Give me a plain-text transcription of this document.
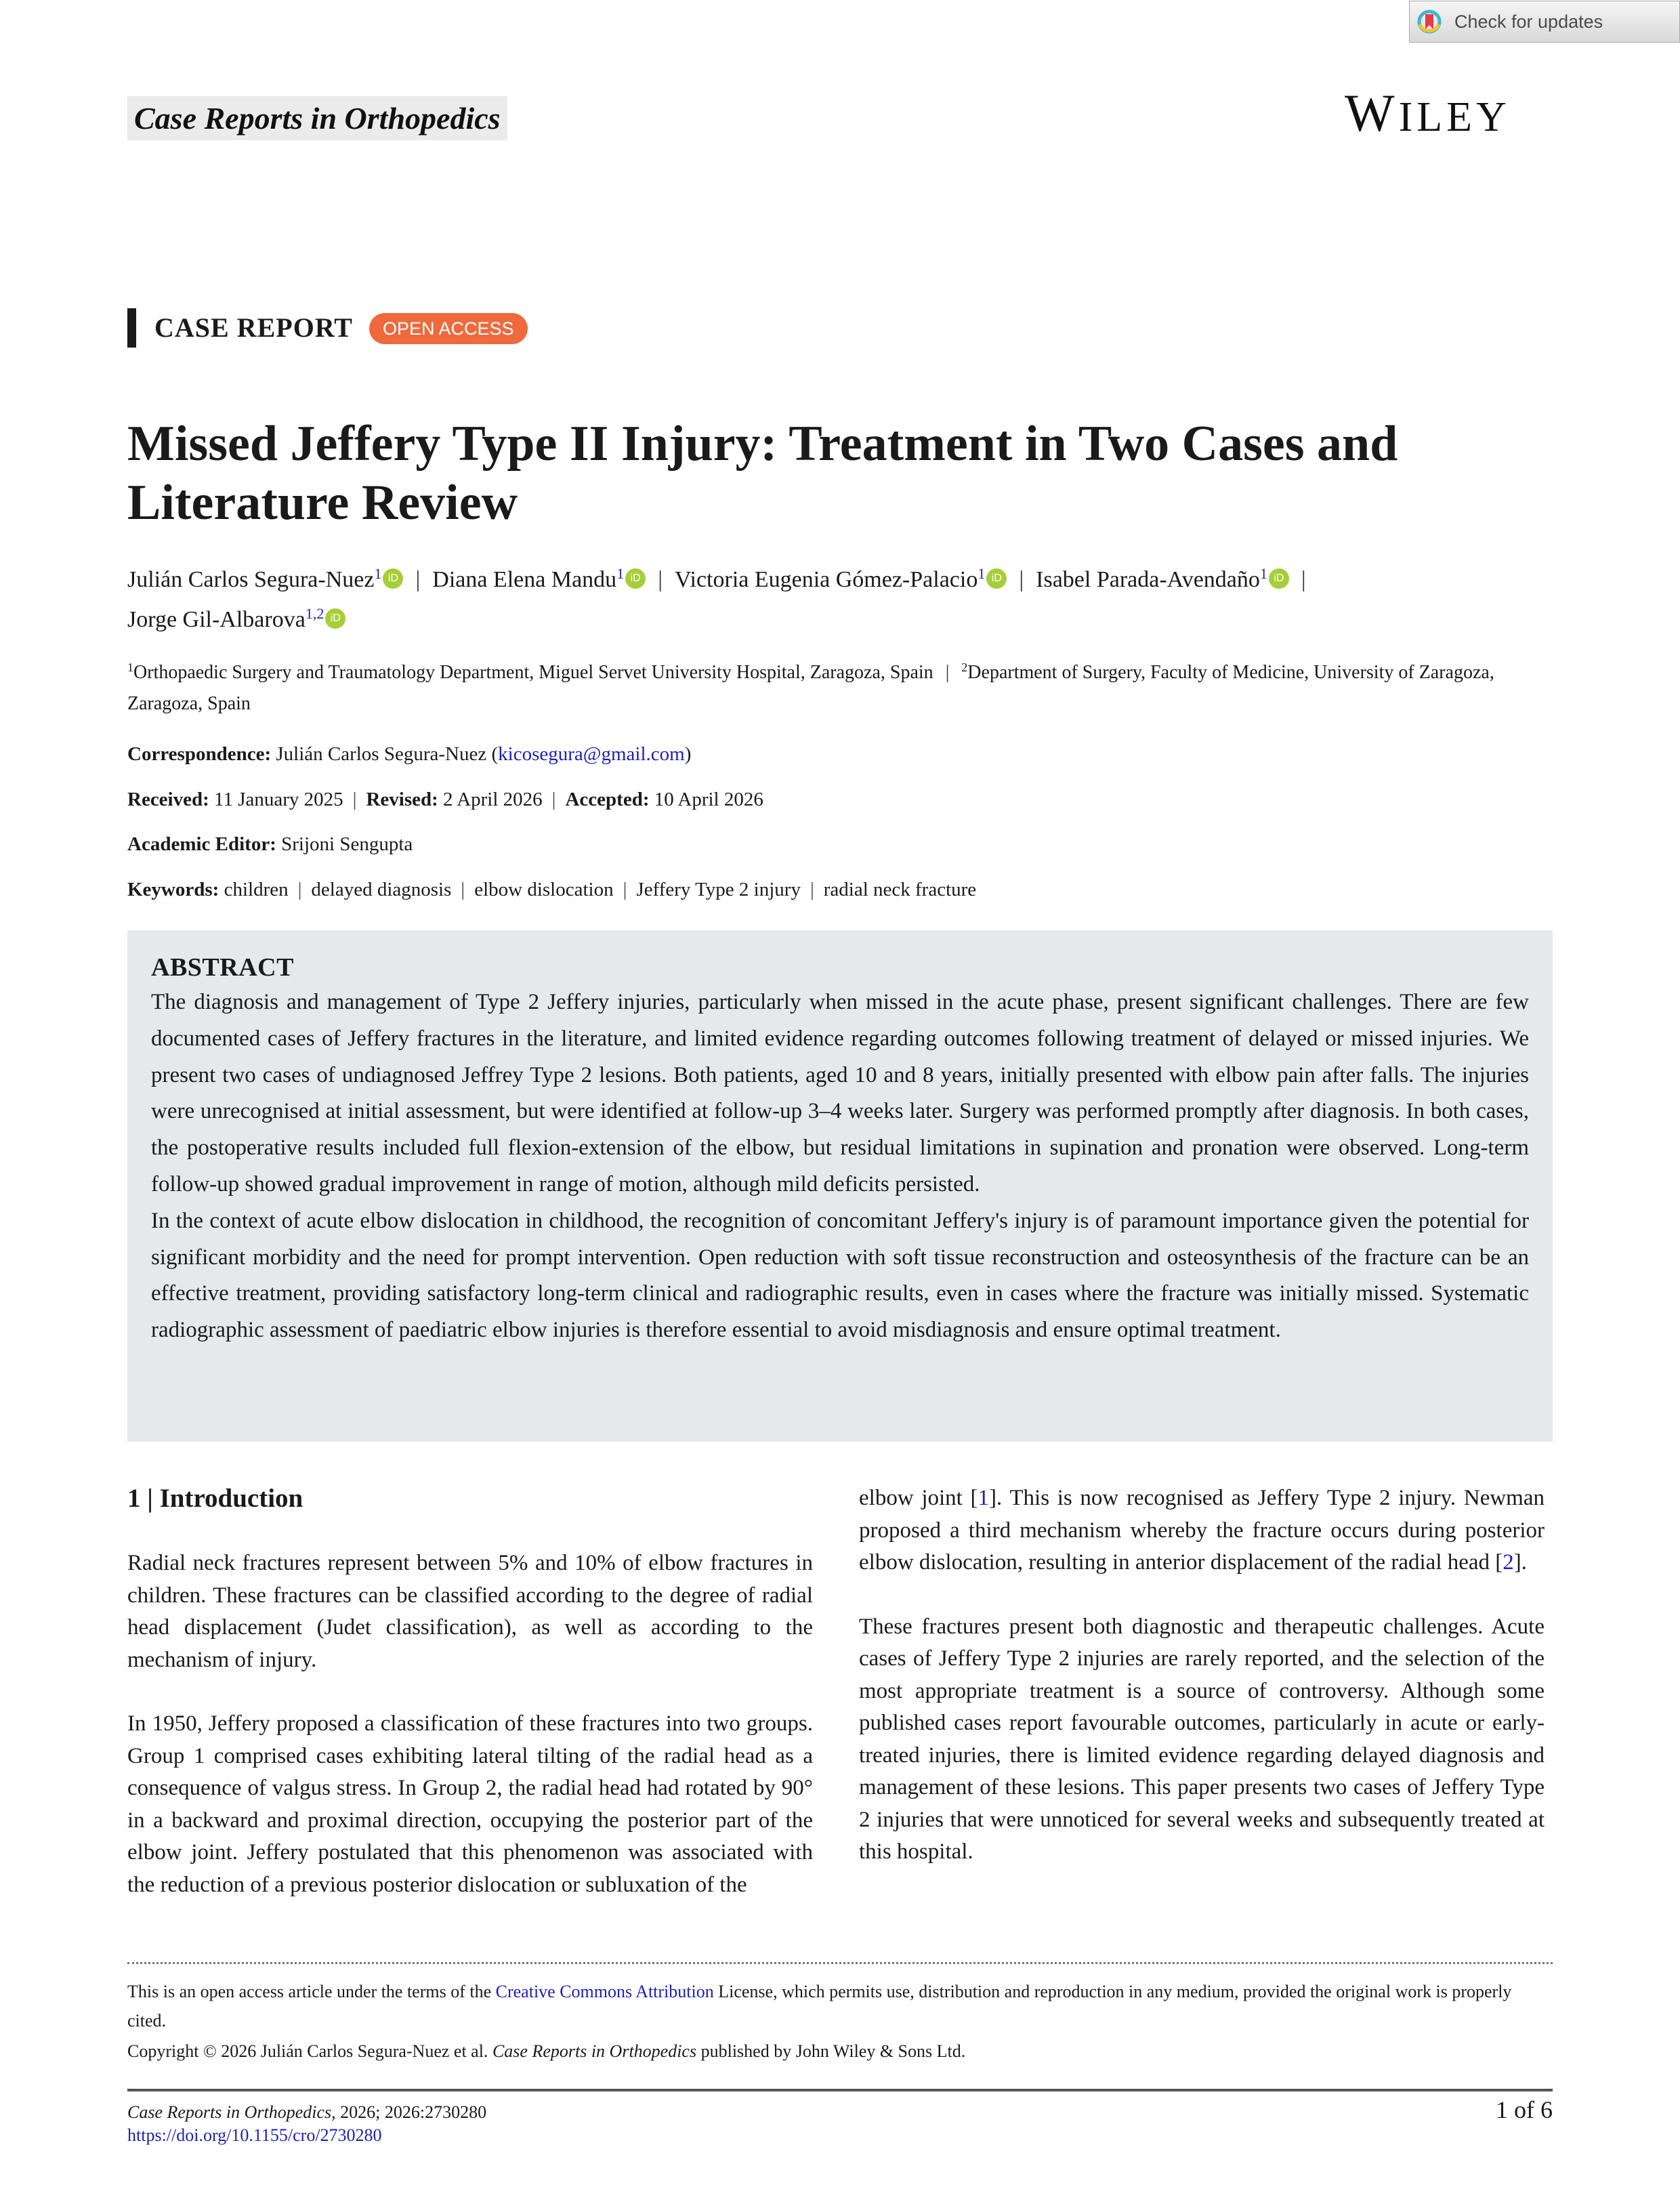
Check for updates
Case Reports in Orthopedics	WILEY
CASE REPORT	OPEN ACCESS
Missed Jeffery Type II Injury: Treatment in Two Cases and Literature Review
Julián Carlos Segura-Nuez$^1$ iD | Diana Elena Mandu$^1$ iD | Victoria Eugenia Gómez-Palacio$^1$ iD | Isabel Parada-Avendaño$^1$ iD |
Jorge Gil-Albarova$^{1,2}$ iD
$^1$Orthopaedic Surgery and Traumatology Department, Miguel Servet University Hospital, Zaragoza, Spain | $^2$Department of Surgery, Faculty of Medicine, University of Zaragoza, Zaragoza, Spain
Correspondence: Julián Carlos Segura-Nuez (kicosegura@gmail.com)
Received: 11 January 2025 | Revised: 2 April 2026 | Accepted: 10 April 2026
Academic Editor: Srijoni Sengupta
Keywords: children | delayed diagnosis | elbow dislocation | Jeffery Type 2 injury | radial neck fracture
ABSTRACT

The diagnosis and management of Type 2 Jeffery injuries, particularly when missed in the acute phase, present significant challenges. There are few documented cases of Jeffery fractures in the literature, and limited evidence regarding outcomes following treatment of delayed or missed injuries. We present two cases of undiagnosed Jeffrey Type 2 lesions. Both patients, aged 10 and 8 years, initially presented with elbow pain after falls. The injuries were unrecognised at initial assessment, but were identified at follow-up 3–4 weeks later. Surgery was performed promptly after diagnosis. In both cases, the postoperative results included full flexion-extension of the elbow, but residual limitations in supination and pronation were observed. Long-term follow-up showed gradual improvement in range of motion, although mild deficits persisted.

In the context of acute elbow dislocation in childhood, the recognition of concomitant Jeffery's injury is of paramount importance given the potential for significant morbidity and the need for prompt intervention. Open reduction with soft tissue reconstruction and osteosynthesis of the fracture can be an effective treatment, providing satisfactory long-term clinical and radiographic results, even in cases where the fracture was initially missed. Systematic radiographic assessment of paediatric elbow injuries is therefore essential to avoid misdiagnosis and ensure optimal treatment.

1 | Introduction

Radial neck fractures represent between 5% and 10% of elbow fractures in children. These fractures can be classified according to the degree of radial head displacement (Judet classification), as well as according to the mechanism of injury.

In 1950, Jeffery proposed a classification of these fractures into two groups. Group 1 comprised cases exhibiting lateral tilting of the radial head as a consequence of valgus stress. In Group 2, the radial head had rotated by 90° in a backward and proximal direction, occupying the posterior part of the elbow joint. Jeffery postulated that this phenomenon was associated with the reduction of a previous posterior dislocation or subluxation of the

elbow joint [1]. This is now recognised as Jeffery Type 2 injury. Newman proposed a third mechanism whereby the fracture occurs during posterior elbow dislocation, resulting in anterior displacement of the radial head [2].

These fractures present both diagnostic and therapeutic challenges. Acute cases of Jeffery Type 2 injuries are rarely reported, and the selection of the most appropriate treatment is a source of controversy. Although some published cases report favourable outcomes, particularly in acute or early-treated injuries, there is limited evidence regarding delayed diagnosis and management of these lesions. This paper presents two cases of Jeffery Type 2 injuries that were unnoticed for several weeks and subsequently treated at this hospital.

This is an open access article under the terms of the Creative Commons Attribution License, which permits use, distribution and reproduction in any medium, provided the original work is properly cited.
Copyright © 2026 Julián Carlos Segura-Nuez et al. Case Reports in Orthopedics published by John Wiley & Sons Ltd.
Case Reports in Orthopedics, 2026; 2026:2730280
https://doi.org/10.1155/cro/2730280
1 of 6
